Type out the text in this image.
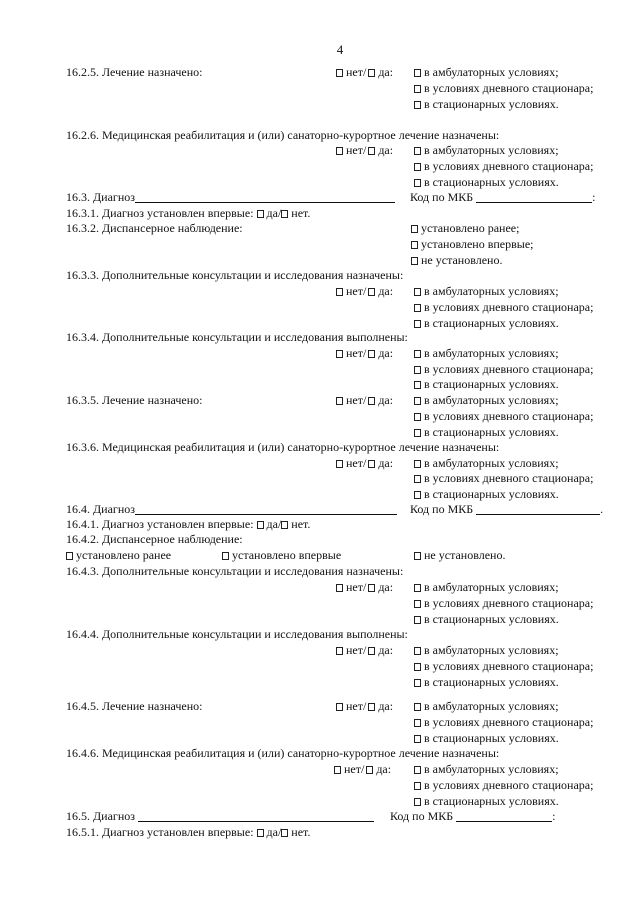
4
16.2.5. Лечение назначено:	нет/ да:	в амбулаторных условиях;
в условиях дневного стационара;
в стационарных условиях.
16.2.6. Медицинская реабилитация и (или) санаторно-курортное лечение назначены:
нет/ да:	в амбулаторных условиях;
в условиях дневного стационара;
в стационарных условиях.
16.3. Диагноз	Код по МКБ	:
16.3.1. Диагноз установлен впервые: да/ нет.
16.3.2. Диспансерное наблюдение:	установлено ранее;
установлено впервые;
не установлено.
16.3.3. Дополнительные консультации и исследования назначены:
нет/ да:	в амбулаторных условиях;
в условиях дневного стационара;
в стационарных условиях.
16.3.4. Дополнительные консультации и исследования выполнены:
нет/ да:	в амбулаторных условиях;
в условиях дневного стационара;
в стационарных условиях.
16.3.5. Лечение назначено:	нет/ да:	в амбулаторных условиях;
в условиях дневного стационара;
в стационарных условиях.
16.3.6. Медицинская реабилитация и (или) санаторно-курортное лечение назначены:
нет/ да:	в амбулаторных условиях;
в условиях дневного стационара;
в стационарных условиях.
16.4. Диагноз	Код по МКБ	.
16.4.1. Диагноз установлен впервые: да/ нет.
16.4.2. Диспансерное наблюдение:
установлено ранее	установлено впервые	не установлено.
16.4.3. Дополнительные консультации и исследования назначены:
нет/ да:	в амбулаторных условиях;
в условиях дневного стационара;
в стационарных условиях.
16.4.4. Дополнительные консультации и исследования выполнены:
нет/ да:	в амбулаторных условиях;
в условиях дневного стационара;
в стационарных условиях.
16.4.5. Лечение назначено:	нет/ да:	в амбулаторных условиях;
в условиях дневного стационара;
в стационарных условиях.
16.4.6. Медицинская реабилитация и (или) санаторно-курортное лечение назначены:
нет/ да:	в амбулаторных условиях;
в условиях дневного стационара;
в стационарных условиях.
16.5. Диагноз	Код по МКБ	:
16.5.1. Диагноз установлен впервые: да/ нет.
